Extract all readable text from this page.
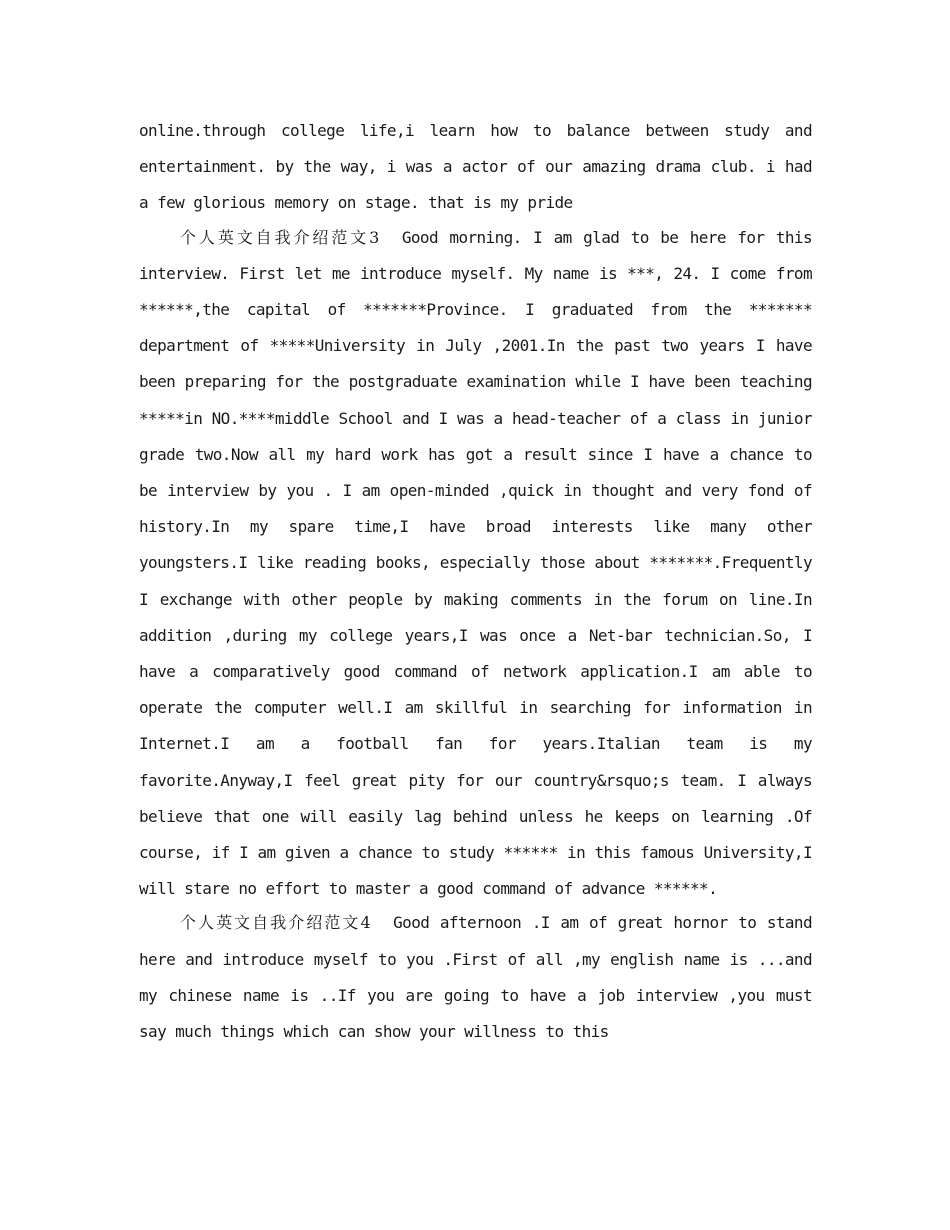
online.through college life,i learn how to balance between study and entertainment. by the way, i was a actor of our amazing drama club. i had a few glorious memory on stage. that is my pride

个人英文自我介绍范文3 Good morning. I am glad to be here for this interview. First let me introduce myself. My name is ***, 24. I come from ******,the capital of *******Province. I graduated from the ******* department of *****University in July ,2001.In the past two years I have been preparing for the postgraduate examination while I have been teaching *****in NO.****middle School and I was a head-teacher of a class in junior grade two.Now all my hard work has got a result since I have a chance to be interview by you . I am open-minded ,quick in thought and very fond of history.In my spare time,I have broad interests like many other youngsters.I like reading books, especially those about *******.Frequently I exchange with other people by making comments in the forum on line.In addition ,during my college years,I was once a Net-bar technician.So, I have a comparatively good command of network application.I am able to operate the computer well.I am skillful in searching for information in Internet.I am a football fan for years.Italian team is my favorite.Anyway,I feel great pity for our country&rsquo;s team. I always believe that one will easily lag behind unless he keeps on learning .Of course, if I am given a chance to study ****** in this famous University,I will stare no effort to master a good command of advance ******.

个人英文自我介绍范文4 Good afternoon .I am of great hornor to stand here and introduce myself to you .First of all ,my english name is ...and my chinese name is ..If you are going to have a job interview ,you must say much things which can show your willness to this
